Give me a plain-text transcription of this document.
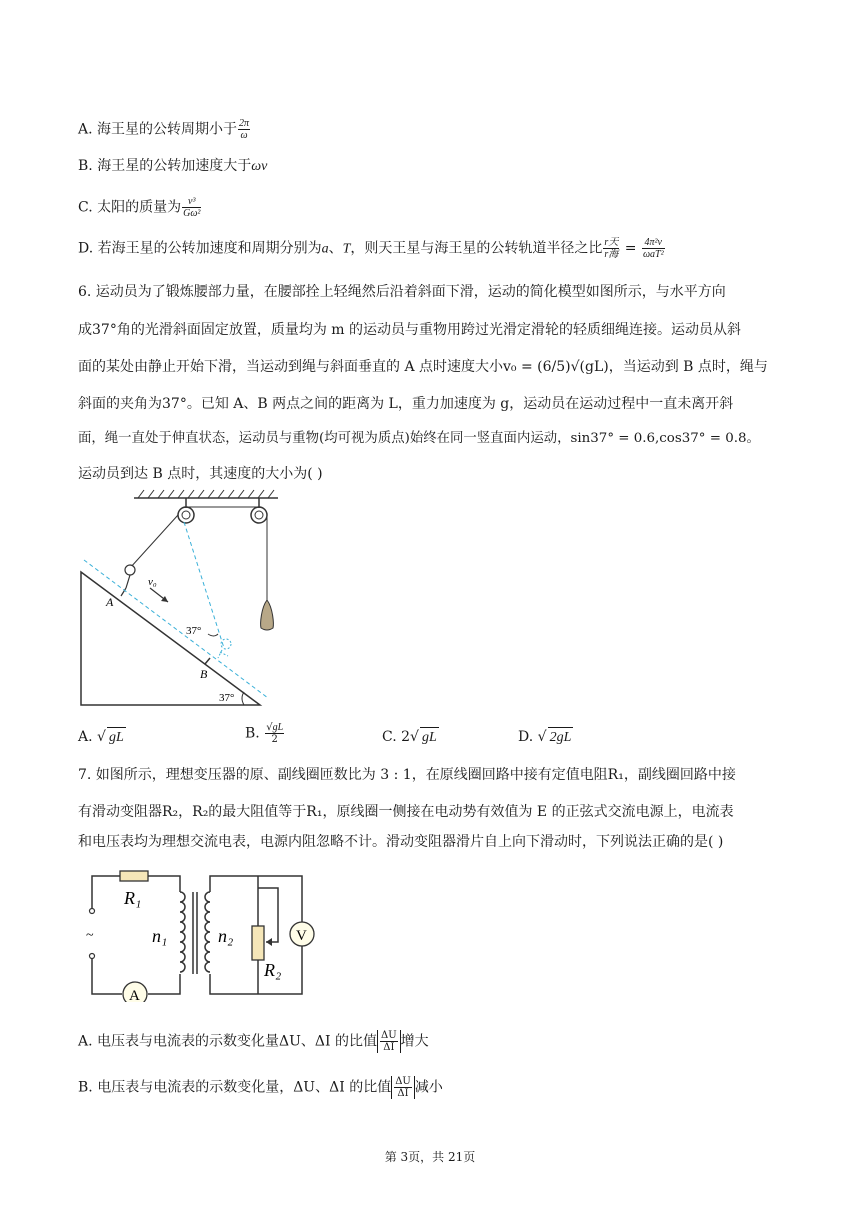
A. 海王星的公转周期小于 $\frac{2\pi}{\omega}$
B. 海王星的公转加速度大于ωv
C. 太阳的质量为 $\frac{\text{v³}}{\text{Gω²}}$
D. 若海王星的公转加速度和周期分别为a、T，则天王星与海王星的公转轨道半径之比 $\frac{\text{r天}}{\text{r海}} = \frac{\text{4π²v}}{\text{ωaT²}}$
6. 运动员为了锻炼腰部力量，在腰部拴上轻绳然后沿着斜面下滑，运动的简化模型如图所示，与水平方向
成37°角的光滑斜面固定放置，质量均为 m 的运动员与重物用跨过光滑定滑轮的轻质细绳连接。运动员从斜
面的某处由静止开始下滑，当运动到绳与斜面垂直的 A 点时速度大小v₀ = (6/5)√(gL)，当运动到 B 点时，绳与
斜面的夹角为37°。已知 A、B 两点之间的距离为 L，重力加速度为 g，运动员在运动过程中一直未离开斜
面，绳一直处于伸直状态，运动员与重物(均可视为质点)始终在同一竖直面内运动，sin37° = 0.6,cos37° = 0.8。
运动员到达 B 点时，其速度的大小为( )
v₀
A
B
37°
37°
A. √ gL	B. $\frac{√gL}{2}$	C. 2√ gL	D. √ 2gL
7. 如图所示，理想变压器的原、副线圈匝数比为 3 : 1，在原线圈回路中接有定值电阻R₁，副线圈回路中接
有滑动变阻器R₂，R₂的最大阻值等于R₁，原线圈一侧接在电动势有效值为 E 的正弦式交流电源上，电流表
和电压表均为理想交流电表，电源内阻忽略不计。滑动变阻器滑片自上向下滑动时，下列说法正确的是( )
R₁
n₁	n₂
R₂
~
A
V
A. 电压表与电流表的示数变化量ΔU、ΔI 的比值 $\frac{\Delta U}{\Delta I}$ 增大
B. 电压表与电流表的示数变化量，ΔU、ΔI 的比值 $\frac{\Delta U}{\Delta I}$ 减小
第 3页，共 21页
